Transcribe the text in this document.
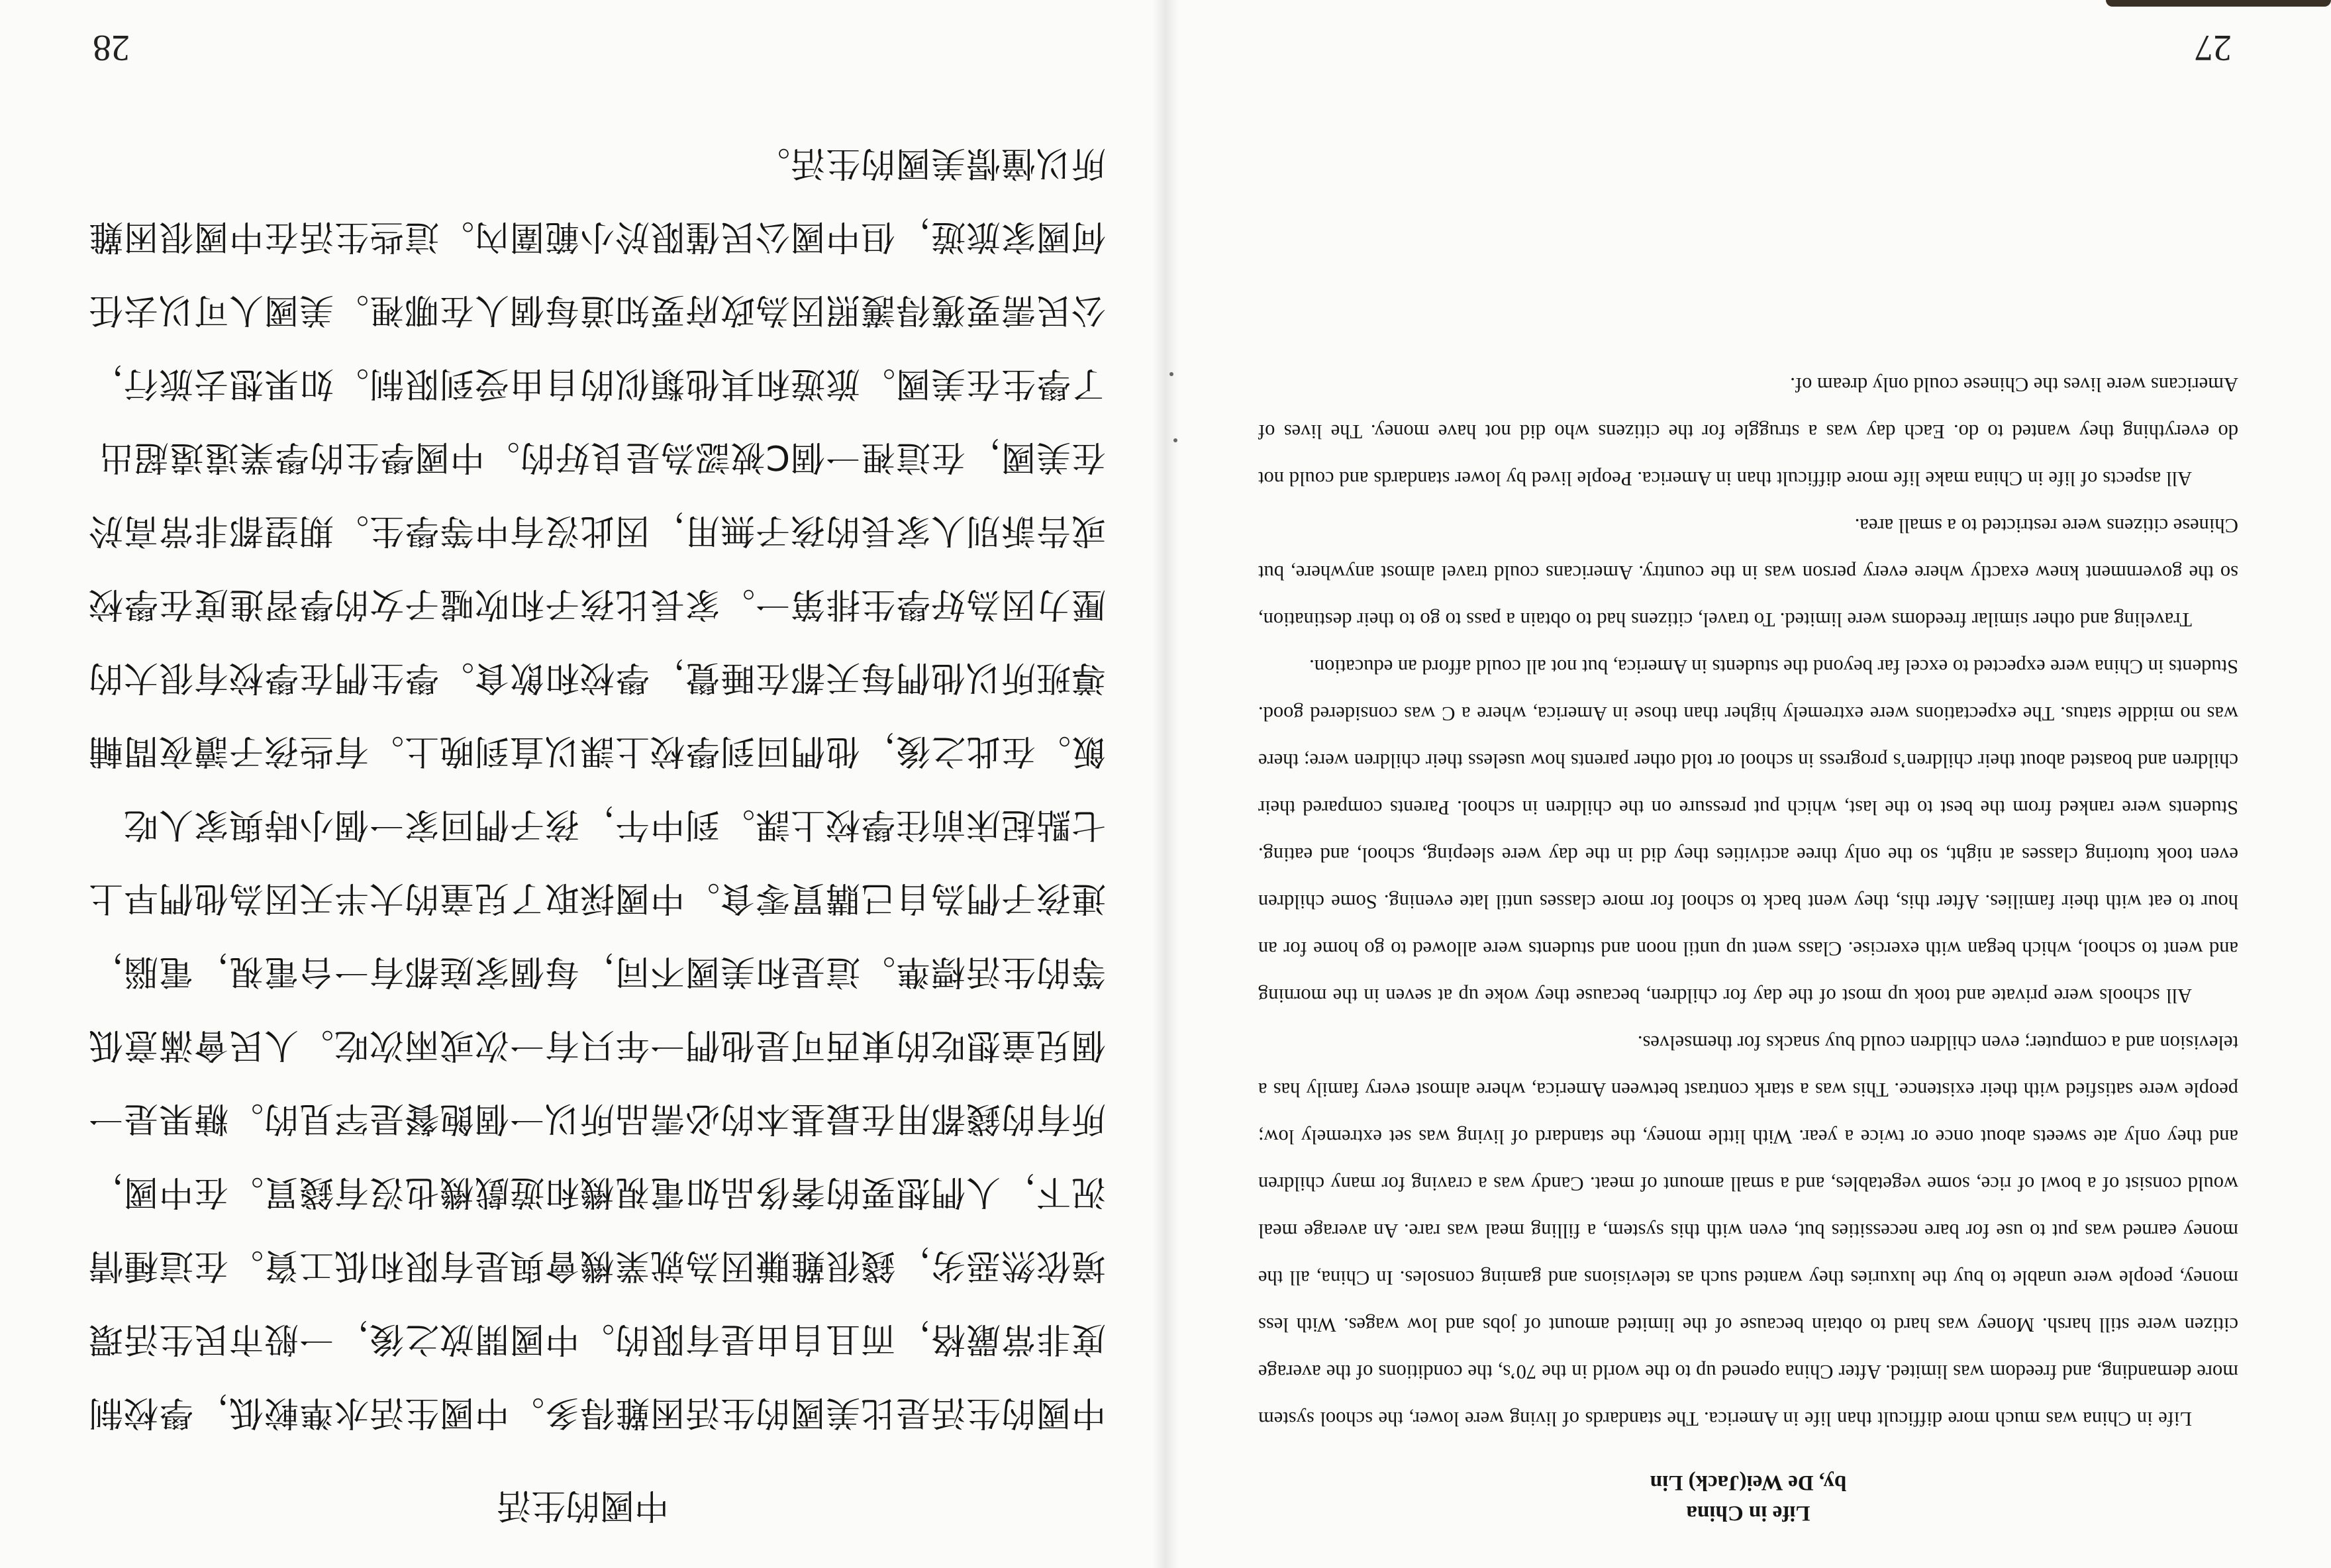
Life in China
by, De Wei(Jack) Lin

Life in China was much more difficult than life in America. The standards of living were lower, the school system more demanding, and freedom was limited. After China opened up to the world in the 70’s, the conditions of the average citizen were still harsh. Money was hard to obtain because of the limited amount of jobs and low wages. With less money, people were unable to buy the luxuries they wanted such as televisions and gaming consoles. In China, all the money earned was put to use for bare necessities but, even with this system, a filling meal was rare. An average meal would consist of a bowl of rice, some vegetables, and a small amount of meat. Candy was a craving for many children and they only ate sweets about once or twice a year. With little money, the standard of living was set extremely low; people were satisfied with their existence. This was a stark contrast between America, where almost every family has a television and a computer; even children could buy snacks for themselves.

All schools were private and took up most of the day for children, because they woke up at seven in the morning and went to school, which began with exercise. Class went up until noon and students were allowed to go home for an hour to eat with their families. After this, they went back to school for more classes until late evening. Some children even took tutoring classes at night, so the only three activities they did in the day were sleeping, school, and eating. Students were ranked from the best to the last, which put pressure on the children in school. Parents compared their children and boasted about their children’s progress in school or told other parents how useless their children were; there was no middle status. The expectations were extremely higher than those in America, where a C was considered good. Students in China were expected to excel far beyond the students in America, but not all could afford an education.

Traveling and other similar freedoms were limited. To travel, citizens had to obtain a pass to go to their destination, so the government knew exactly where every person was in the country. Americans could travel almost anywhere, but Chinese citizens were restricted to a small area.

All aspects of life in China make life more difficult than in America. People lived by lower standards and could not do everything they wanted to do. Each day was a struggle for the citizens who did not have money. The lives of Americans were lives the Chinese could only dream of.

27
中國的生活

中國的生活是比美國的生活困難得多。中國生活水準較低，學校制度非常嚴格，而且自由是有限的。中國開放之後，一般市民生活環境依然惡劣，錢很難賺因為就業機會與是有限和低工資。在這種情況下，人們想要的奢侈品如電視機和遊戲機也沒有錢買。在中國，所有的錢都用在最基本的必需品所以一個飽餐是罕見的。糖果是一個兒童想吃的東西可是他們一年只有一次或兩次吃。人民會滿意低等的生活標準。這是和美國不同，每個家庭都有一台電視，電腦，連孩子們為自己購買零食。中國採取了兒童的大半天因為他們早上七點起床前往學校上課。到中午，孩子們回家一個小時與家人吃飯。在此之後，他們回到學校上課以直到晚上。有些孩子讀夜間輔導班所以他們每天都在睡覺，學校和飲食。學生們在學校有很大的壓力因為好學生排第一。家長比孩子和吹噓子女的學習進度在學校或告訴別人家長的孩子無用，因此沒有中等學生。期望都非常高於在美國，在這裡一個C被認為是良好的。中國學生的學業遠遠超出了學生在美國。旅遊和其他類似的自由受到限制。如果想去旅行，公民需要獲得護照因為政府要知道每個人在哪裡。美國人可以去任何國家旅遊，但中國公民僅限於小範圍內。這些生活在中國很困難所以憧憬美國的生活。

28
